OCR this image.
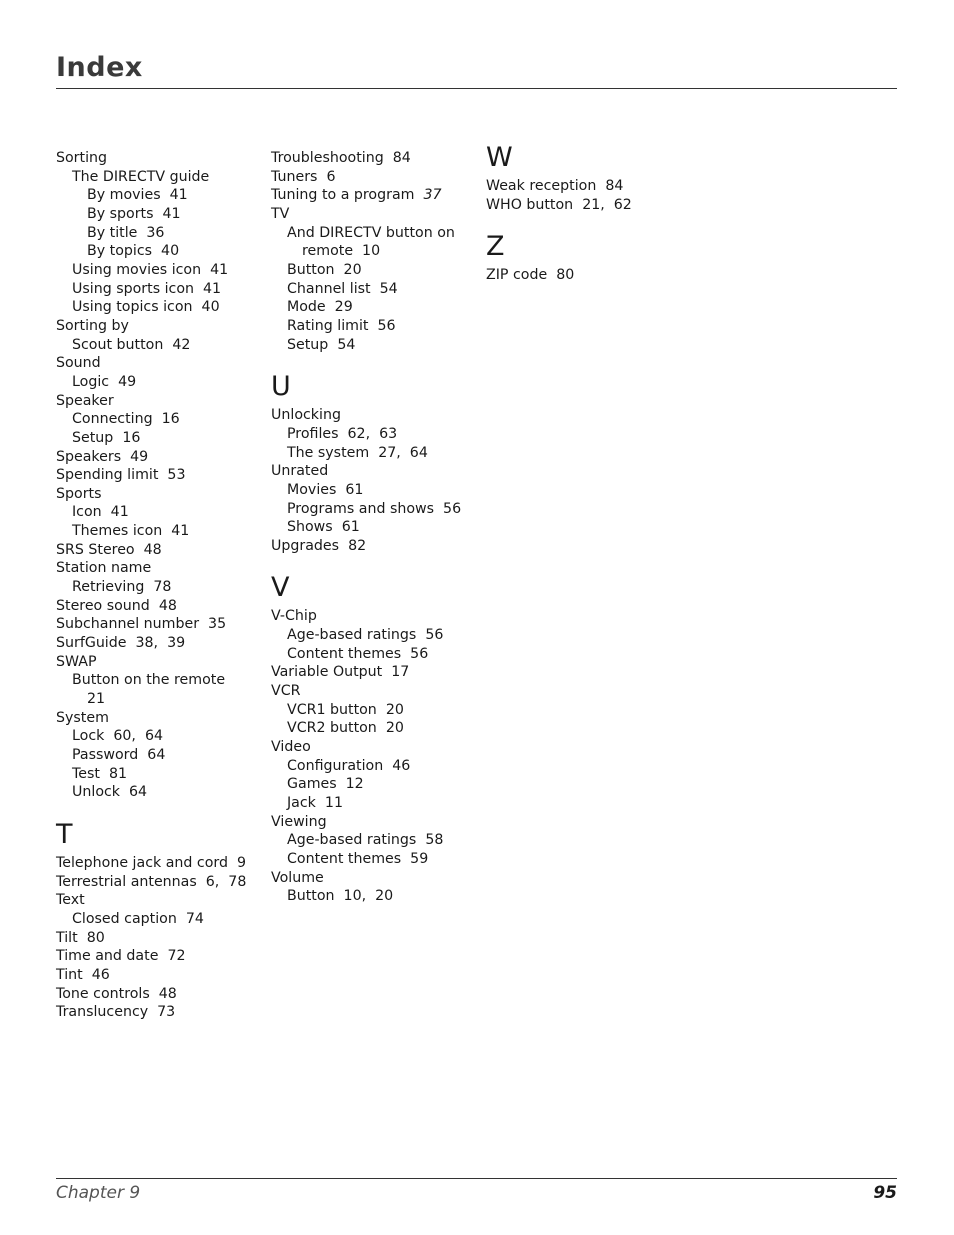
Index
Sorting
The DIRECTV guide
By movies  41
By sports  41
By title  36
By topics  40
Using movies icon  41
Using sports icon  41
Using topics icon  40
Sorting by
Scout button  42
Sound
Logic  49
Speaker
Connecting  16
Setup  16
Speakers  49
Spending limit  53
Sports
Icon  41
Themes icon  41
SRS Stereo  48
Station name
Retrieving  78
Stereo sound  48
Subchannel number  35
SurfGuide  38,  39
SWAP
Button on the remote
21
System
Lock  60,  64
Password  64
Test  81
Unlock  64
T
Telephone jack and cord  9
Terrestrial antennas  6,  78
Text
Closed caption  74
Tilt  80
Time and date  72
Tint  46
Tone controls  48
Translucency  73
Troubleshooting  84
Tuners  6
Tuning to a program  37
TV
And DIRECTV button on
remote  10
Button  20
Channel list  54
Mode  29
Rating limit  56
Setup  54
U
Unlocking
Profiles  62,  63
The system  27,  64
Unrated
Movies  61
Programs and shows  56
Shows  61
Upgrades  82
V
V-Chip
Age-based ratings  56
Content themes  56
Variable Output  17
VCR
VCR1 button  20
VCR2 button  20
Video
Configuration  46
Games  12
Jack  11
Viewing
Age-based ratings  58
Content themes  59
Volume
Button  10,  20
W
Weak reception  84
WHO button  21,  62
Z
ZIP code  80
Chapter 9	95
